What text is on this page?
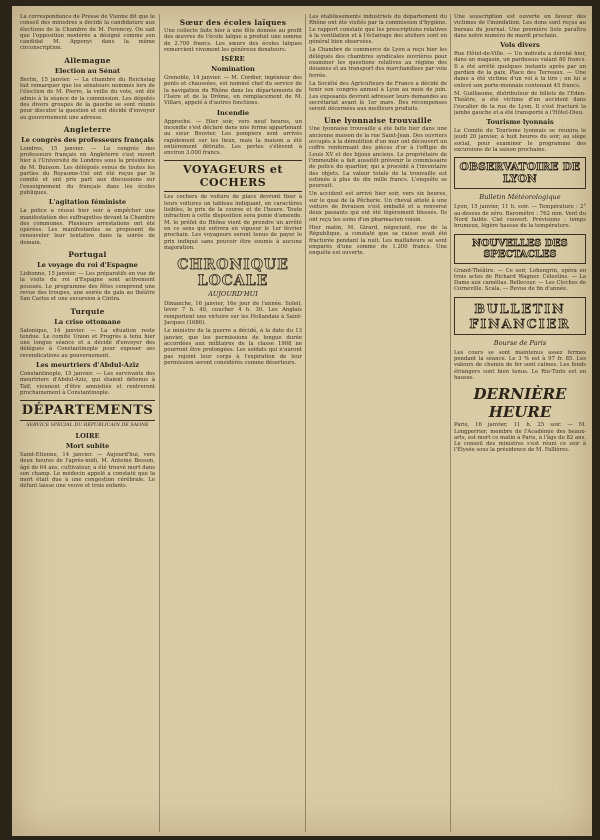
La correspondance de Presse de Vienne dit que le conseil des ministres a décidé la candidature aux élections de la Chambre de M. Ferenczy. On sait que l'opposition modérée a désigné comme son candidat M. Apponyi dans la même circonscription.

Allemagne
Election au Sénat

Berlin, 15 janvier. — La chambre du Reichstag fait remarquer que les sénateurs nommés lors de l'élection de M. Pierre, la veille du vote, ont été admis à la séance de la commission. Les députés des divers groupes de la gauche se sont réunis pour discuter la question et ont décidé d'envoyer au gouvernement une adresse.

Angleterre
Le congrès des professeurs français

Londres, 15 janvier. — Le congrès des professeurs français en Angleterre s'est ouvert hier à l'Université de Londres sous la présidence de M. Buisson. Les délégués venus de toutes les parties du Royaume-Uni ont été reçus par le comité et ont pris part aux discussions sur l'enseignement du français dans les écoles publiques.

L'agitation féministe

La police a réussi hier soir à empêcher une manifestation des suffragettes devant la Chambre des communes. Plusieurs arrestations ont été opérées. Les manifestantes se proposent de renouveler leur tentative dans la soirée de demain.

Portugal
Le voyage du roi d'Espagne

Lisbonne, 15 janvier. — Les préparatifs en vue de la visite du roi d'Espagne sont activement poussés. Le programme des fêtes comprend une revue des troupes, une soirée de gala au théâtre San Carlos et une excursion à Cintra.

Turquie
La crise ottomane

Salonique, 14 janvier. — La situation reste tendue. Le comité Union et Progrès a tenu hier une longue séance et a décidé d'envoyer des délégués à Constantinople pour exposer ses revendications au gouvernement.

Les meurtriers d'Abdul-Aziz

Constantinople, 15 janvier. — Les survivants des meurtriers d'Abdul-Aziz, qui étaient détenus à Taïf, viennent d'être amnistiés et rentreront prochainement à Constantinople.

DÉPARTEMENTS
SERVICE SPÉCIAL DU RÉPUBLICAIN DE SAONE
LOIRE
Mort subite

Saint-Etienne, 14 janvier. — Aujourd'hui, vers deux heures de l'après-midi, M. Antoine Besson, âgé de 64 ans, cultivateur, a été trouvé mort dans son champ. Le médecin appelé a constaté que la mort était due à une congestion cérébrale. Le défunt laisse une veuve et trois enfants.

Sœur des écoles laïques

Une collecte faite hier à une fête donnée au profit des œuvres de l'école laïque a produit une somme de 2.700 francs. Les sœurs des écoles laïques remercient vivement les généreux donateurs.

ISÈRE
Nomination

Grenoble, 14 janvier. — M. Cordier, ingénieur des ponts et chaussées, est nommé chef du service de la navigation du Rhône dans les départements de l'Isère et de la Drôme, en remplacement de M. Villars, appelé à d'autres fonctions.

Incendie

Approche. — Hier soir, vers neuf heures, un incendie s'est déclaré dans une ferme appartenant au sieur Bouvier. Les pompiers sont arrivés rapidement sur les lieux, mais la maison a été entièrement détruite. Les pertes s'élèvent à environ 3.000 francs.

VOYAGEURS et COCHERS

Les cochers de voiture de place devront fixer à leurs voitures un tableau indiquant, en caractères lisibles, le prix de la course et de l'heure. Toute infraction à cette disposition sera punie d'amende. M. le préfet du Rhône vient de prendre un arrêté en ce sens qui entrera en vigueur le 1er février prochain. Les voyageurs seront tenus de payer le prix indiqué sans pouvoir être soumis à aucune majoration.

CHRONIQUE LOCALE
AUJOURD'HUI

Dimanche, 16 janvier, 16e jour de l'année. Soleil, lever 7 h. 40, coucher 4 h. 30. Les Anglais remportent une victoire sur les Hollandais à Saint-Jacques (1686).

Le ministre de la guerre a décidé, à la date du 13 janvier, que les permissions de longue durée accordées aux militaires de la classe 1908 ne pourront être prolongées. Les soldats qui n'auront pas rejoint leur corps à l'expiration de leur permission seront considérés comme déserteurs.

Les établissements industriels du département du Rhône ont été visités par la commission d'hygiène. Le rapport constate que les prescriptions relatives à la ventilation et à l'éclairage des ateliers sont en général bien observées.

La Chambre de commerce de Lyon a reçu hier les délégués des chambres syndicales ouvrières pour examiner les questions relatives au régime des douanes et au transport des marchandises par voie ferrée.

La Société des Agriculteurs de France a décidé de tenir son congrès annuel à Lyon au mois de juin. Les exposants devront adresser leurs demandes au secrétariat avant le 1er mars. Des récompenses seront décernées aux meilleurs produits.

Une lyonnaise trouvaille

Une lyonnaise trouvaille a été faite hier dans une ancienne maison de la rue Saint-Jean. Des ouvriers occupés à la démolition d'un mur ont découvert un coffre renfermant des pièces d'or à l'effigie de Louis XV et des bijoux anciens. Le propriétaire de l'immeuble a fait aussitôt prévenir le commissaire de police du quartier, qui a procédé à l'inventaire des objets. La valeur totale de la trouvaille est estimée à plus de dix mille francs. L'enquête se poursuit.

Un accident est arrivé hier soir, vers six heures, sur le quai de la Pêcherie. Un cheval attelé à une voiture de livraison s'est emballé et a renversé deux passants qui ont été légèrement blessés. Ils ont reçu les soins d'un pharmacien voisin.

Hier matin, M. Girard, négociant, rue de la République, a constaté que sa caisse avait été fracturée pendant la nuit. Les malfaiteurs se sont emparés d'une somme de 1.200 francs. Une enquête est ouverte.

Une souscription est ouverte en faveur des victimes de l'inondation. Les dons sont reçus au bureau du journal. Une première liste paraîtra dans notre numéro de mardi prochain.

Vols divers

Rue Hôtel-de-Ville. — Un individu a dérobé hier, dans un magasin, un pardessus valant 80 francs. Il a été arrêté quelques instants après par un gardien de la paix. Place des Terreaux. — Une dame a été victime d'un vol à la tire ; on lui a enlevé son porte-monnaie contenant 45 francs.

M. Guilliaume, distributeur de billets de l'Eden-Théâtre, a été victime d'un accident dans l'escalier de la rue de Lyon. Il s'est fracturé la jambe gauche et a été transporté à l'Hôtel-Dieu.

Tourisme lyonnais

Le Comité du Tourisme lyonnais se réunira le jeudi 20 janvier, à huit heures du soir, au siège social, pour examiner le programme des excursions de la saison prochaine.

OBSERVATOIRE DE LYON
Bulletin Météorologique

Lyon, 15 janvier, 11 h. soir. — Température : 2° au-dessus de zéro. Baromètre : 762 mm. Vent du Nord faible. Ciel couvert. Prévisions : temps brumeux, légère hausse de la température.

NOUVELLES DES SPECTACLES

Grand-Théâtre. — Ce soir, Lohengrin, opéra en trois actes de Richard Wagner. Célestins. — La Dame aux camélias. Bellecour. — Les Cloches de Corneville. Scala. — Revue de fin d'année.

BULLETIN FINANCIER
Bourse de Paris

Les cours se sont maintenus assez fermes pendant la séance. Le 3 % est à 97 fr. 85. Les valeurs de chemin de fer sont calmes. Les fonds étrangers sont bien tenus. Le Rio-Tinto est en hausse.

DERNIÈRE HEURE

Paris, 16 janvier, 11 h. 25 soir. — M. Longperrier, membre de l'Académie des beaux-arts, est mort ce matin à Paris, à l'âge de 82 ans. Le conseil des ministres s'est réuni ce soir à l'Élysée sous la présidence de M. Fallières.
